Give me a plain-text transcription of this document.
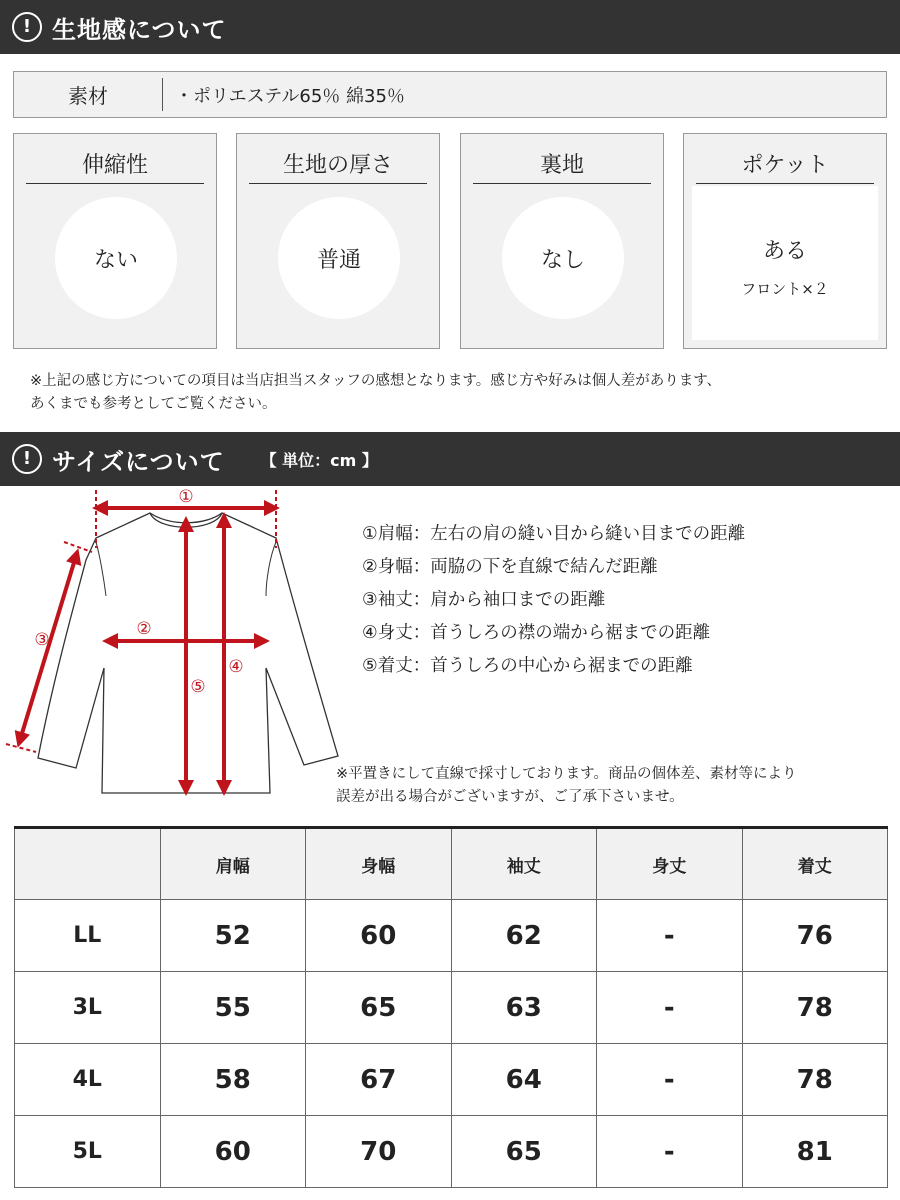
! 生地感について
素材	・ポリエステル65％ 綿35％
伸縮性
ない
生地の厚さ
普通
裏地
なし
ポケット
ある
フロント×２
※上記の感じ方についての項目は当店担当スタッフの感想となります。感じ方や好みは個人差があります、
あくまでも参考としてご覧ください。
! サイズについて 【 単位：cm 】
①
②
③
④
⑤
①肩幅：左右の肩の縫い目から縫い目までの距離
②身幅：両脇の下を直線で結んだ距離
③袖丈：肩から袖口までの距離
④身丈：首うしろの襟の端から裾までの距離
⑤着丈：首うしろの中心から裾までの距離
※平置きにして直線で採寸しております。商品の個体差、素材等により
誤差が出る場合がございますが、ご了承下さいませ。
	肩幅	身幅	袖丈	身丈	着丈
LL	52	60	62	-	76
3L	55	65	63	-	78
4L	58	67	64	-	78
5L	60	70	65	-	81
